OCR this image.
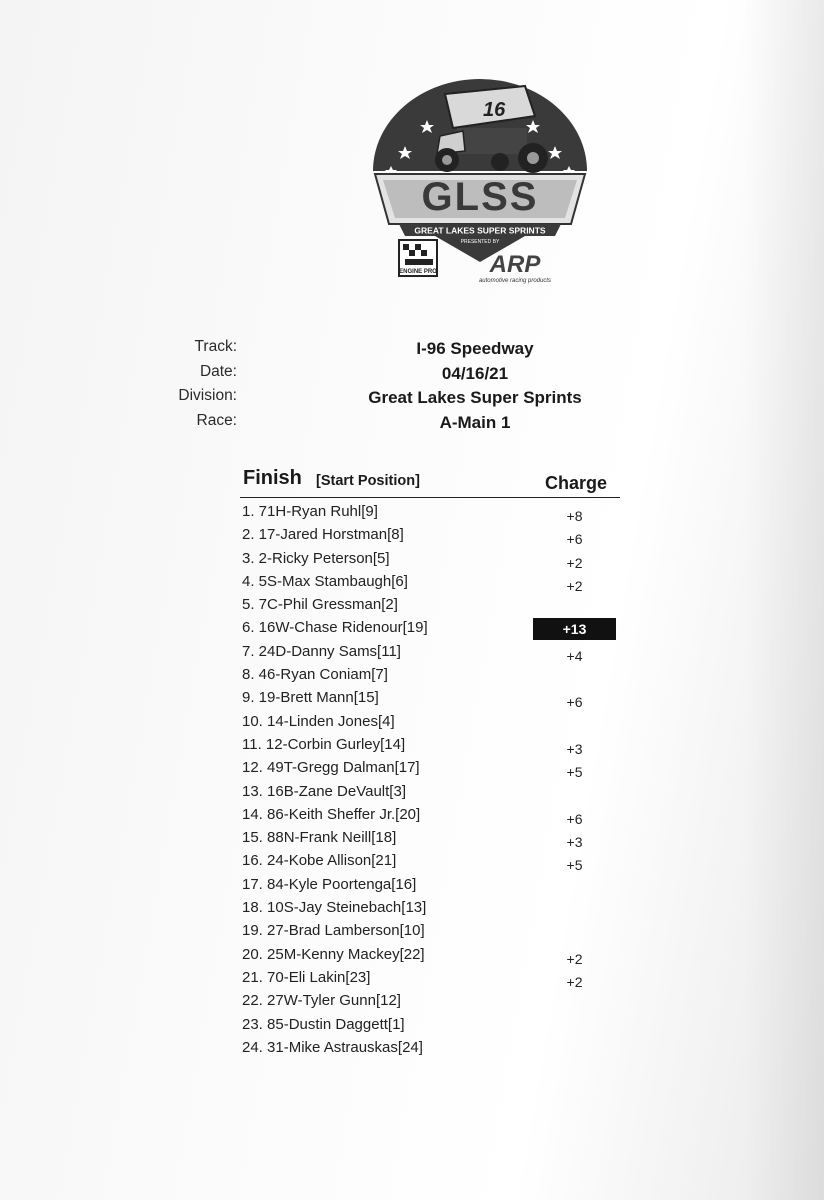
16
GLSS
GREAT LAKES SUPER SPRINTS
PRESENTED BY
ENGINE PRO ARP
automotive racing products
Track:	I-96 Speedway
Date:	04/16/21
Division:	Great Lakes Super Sprints
Race:	A-Main 1
Finish [Start Position]	Charge
1. 71H-Ryan Ruhl[9]	+8
2. 17-Jared Horstman[8]	+6
3. 2-Ricky Peterson[5]	+2
4. 5S-Max Stambaugh[6]	+2
5. 7C-Phil Gressman[2]
6. 16W-Chase Ridenour[19]	+13
7. 24D-Danny Sams[11]	+4
8. 46-Ryan Coniam[7]
9. 19-Brett Mann[15]	+6
10. 14-Linden Jones[4]
11. 12-Corbin Gurley[14]	+3
12. 49T-Gregg Dalman[17]	+5
13. 16B-Zane DeVault[3]
14. 86-Keith Sheffer Jr.[20]	+6
15. 88N-Frank Neill[18]	+3
16. 24-Kobe Allison[21]	+5
17. 84-Kyle Poortenga[16]
18. 10S-Jay Steinebach[13]
19. 27-Brad Lamberson[10]
20. 25M-Kenny Mackey[22]	+2
21. 70-Eli Lakin[23]	+2
22. 27W-Tyler Gunn[12]
23. 85-Dustin Daggett[1]
24. 31-Mike Astrauskas[24]
